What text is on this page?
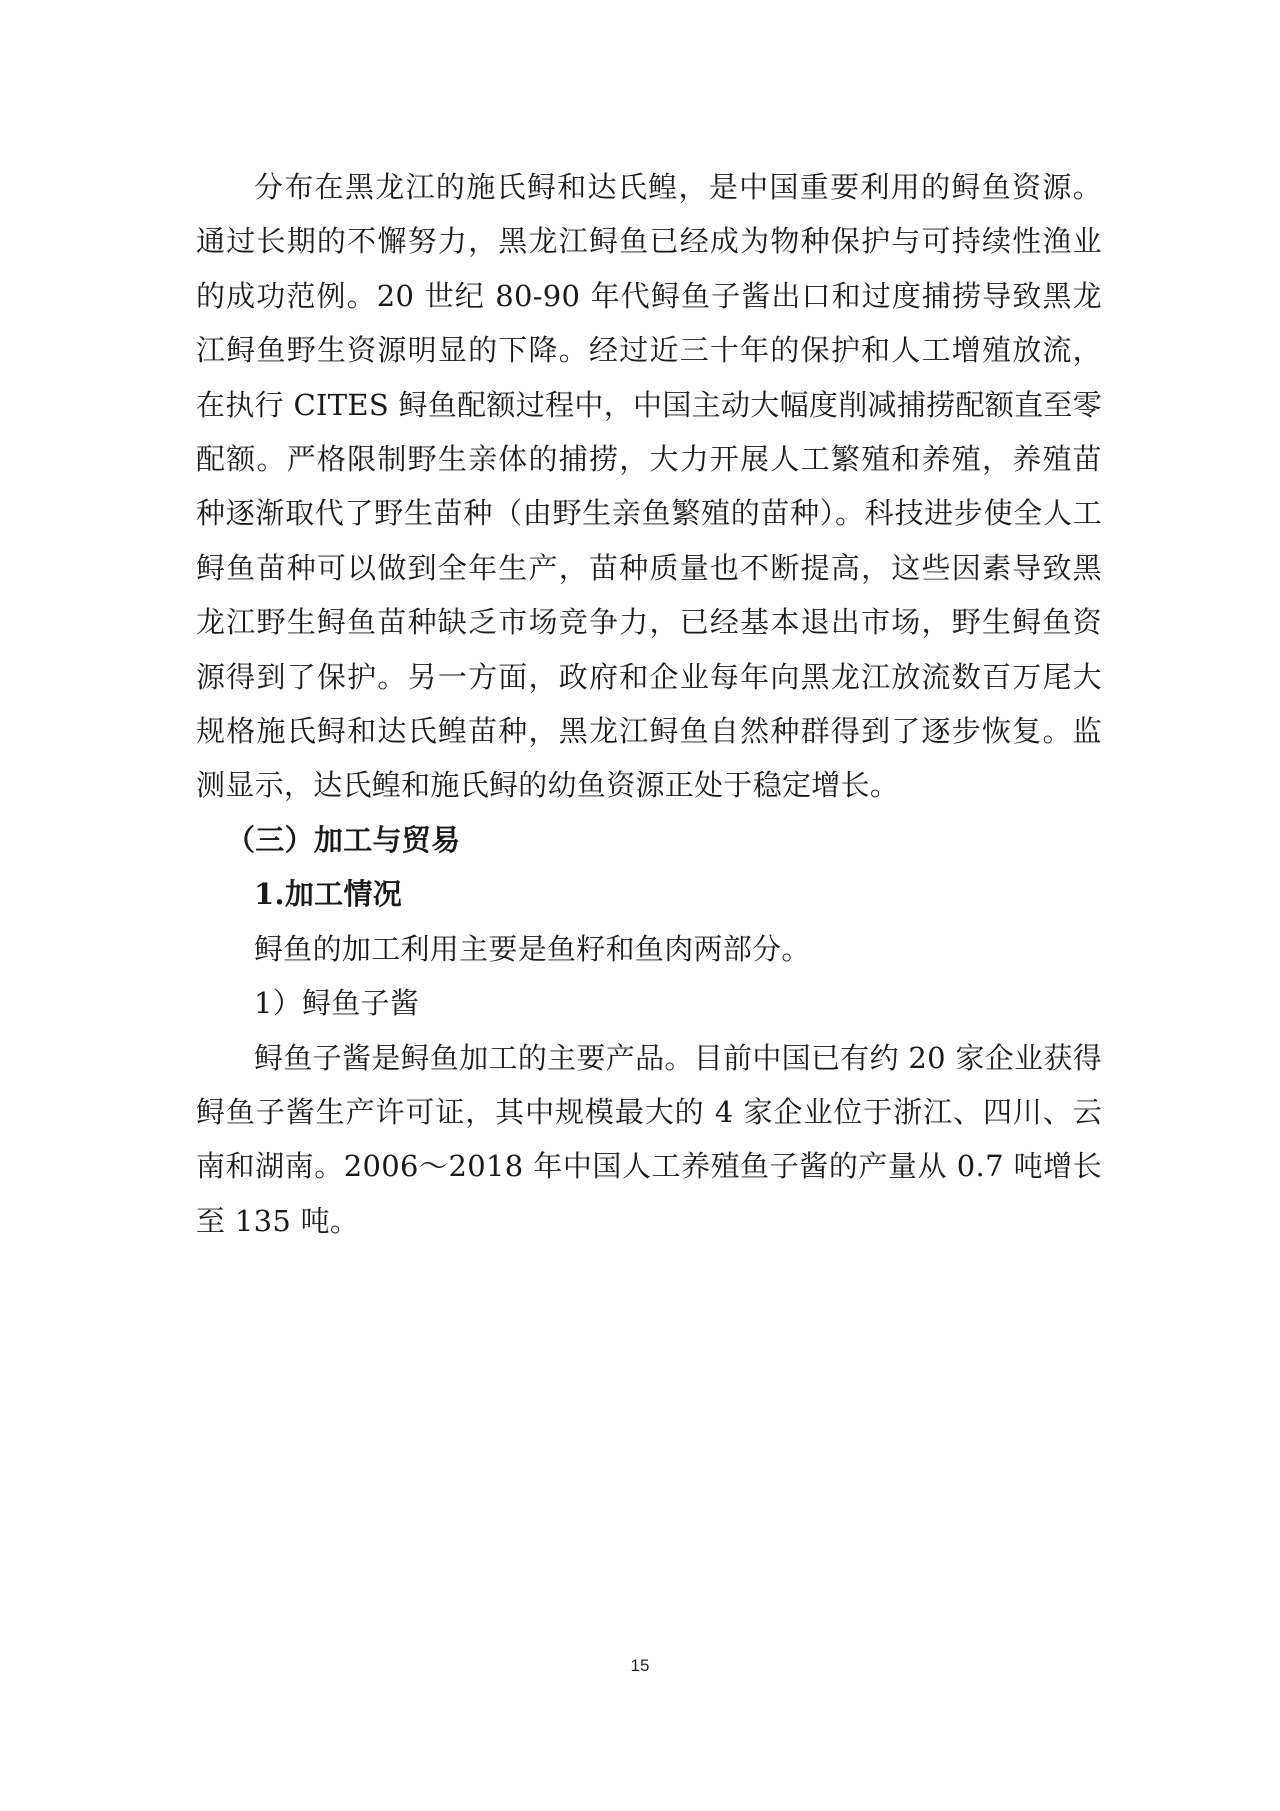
分布在黑龙江的施氏鲟和达氏鳇，是中国重要利用的鲟鱼资源。通过长期的不懈努力，黑龙江鲟鱼已经成为物种保护与可持续性渔业的成功范例。20 世纪 80-90 年代鲟鱼子酱出口和过度捕捞导致黑龙江鲟鱼野生资源明显的下降。经过近三十年的保护和人工增殖放流，在执行 CITES 鲟鱼配额过程中，中国主动大幅度削减捕捞配额直至零配额。严格限制野生亲体的捕捞，大力开展人工繁殖和养殖，养殖苗种逐渐取代了野生苗种（由野生亲鱼繁殖的苗种）。科技进步使全人工鲟鱼苗种可以做到全年生产，苗种质量也不断提高，这些因素导致黑龙江野生鲟鱼苗种缺乏市场竞争力，已经基本退出市场，野生鲟鱼资源得到了保护。另一方面，政府和企业每年向黑龙江放流数百万尾大规格施氏鲟和达氏鳇苗种，黑龙江鲟鱼自然种群得到了逐步恢复。监测显示，达氏鳇和施氏鲟的幼鱼资源正处于稳定增长。

（三）加工与贸易

1.加工情况

鲟鱼的加工利用主要是鱼籽和鱼肉两部分。

1）鲟鱼子酱

鲟鱼子酱是鲟鱼加工的主要产品。目前中国已有约 20 家企业获得鲟鱼子酱生产许可证，其中规模最大的 4 家企业位于浙江、四川、云南和湖南。2006～2018 年中国人工养殖鱼子酱的产量从 0.7 吨增长至 135 吨。

15
